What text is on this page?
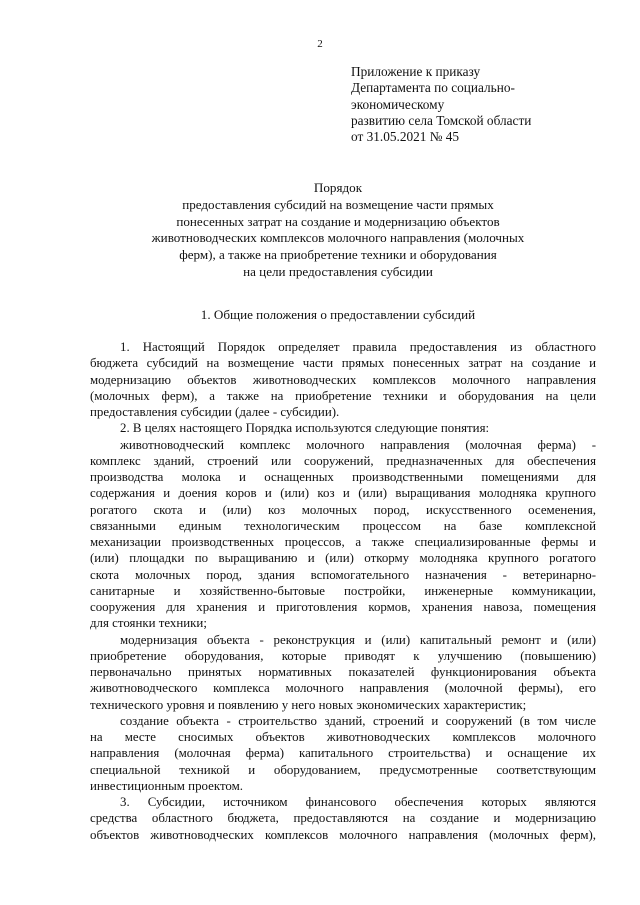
2
Приложение к приказу
Департамента по социально-
экономическому
развитию села Томской области
от 31.05.2021 № 45
Порядок
предоставления субсидий на возмещение части прямых
понесенных затрат на создание и модернизацию объектов
животноводческих комплексов молочного направления (молочных
ферм), а также на приобретение техники и оборудования
на цели предоставления субсидии
1. Общие положения о предоставлении субсидий
1. Настоящий Порядок определяет правила предоставления из областного
бюджета субсидий на возмещение части прямых понесенных затрат на создание и
модернизацию объектов животноводческих комплексов молочного направления
(молочных ферм), а также на приобретение техники и оборудования на цели
предоставления субсидии (далее - субсидии).
2. В целях настоящего Порядка используются следующие понятия:
животноводческий комплекс молочного направления (молочная ферма) -
комплекс зданий, строений или сооружений, предназначенных для обеспечения
производства молока и оснащенных производственными помещениями для
содержания и доения коров и (или) коз и (или) выращивания молодняка крупного
рогатого скота и (или) коз молочных пород, искусственного осеменения,
связанными единым технологическим процессом на базе комплексной
механизации производственных процессов, а также специализированные фермы и
(или) площадки по выращиванию и (или) откорму молодняка крупного рогатого
скота молочных пород, здания вспомогательного назначения - ветеринарно-
санитарные и хозяйственно-бытовые постройки, инженерные коммуникации,
сооружения для хранения и приготовления кормов, хранения навоза, помещения
для стоянки техники;
модернизация объекта - реконструкция и (или) капитальный ремонт и (или)
приобретение оборудования, которые приводят к улучшению (повышению)
первоначально принятых нормативных показателей функционирования объекта
животноводческого комплекса молочного направления (молочной фермы), его
технического уровня и появлению у него новых экономических характеристик;
создание объекта - строительство зданий, строений и сооружений (в том числе
на месте сносимых объектов животноводческих комплексов молочного
направления (молочная ферма) капитального строительства) и оснащение их
специальной техникой и оборудованием, предусмотренные соответствующим
инвестиционным проектом.
3. Субсидии, источником финансового обеспечения которых являются
средства областного бюджета, предоставляются на создание и модернизацию
объектов животноводческих комплексов молочного направления (молочных ферм),
